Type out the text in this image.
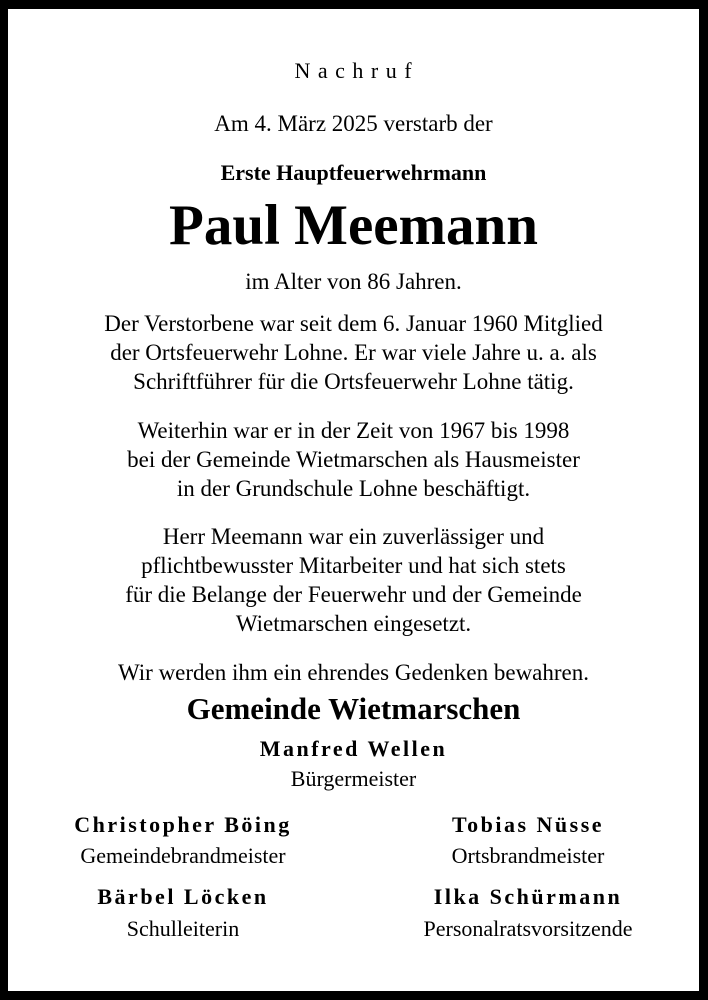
N a c h r u f
Am 4. März 2025 verstarb der
Erste Hauptfeuerwehrmann
Paul Meemann
im Alter von 86 Jahren.
Der Verstorbene war seit dem 6. Januar 1960 Mitglied
der Ortsfeuerwehr Lohne. Er war viele Jahre u. a. als
Schriftführer für die Ortsfeuerwehr Lohne tätig.
Weiterhin war er in der Zeit von 1967 bis 1998
bei der Gemeinde Wietmarschen als Hausmeister
in der Grundschule Lohne beschäftigt.
Herr Meemann war ein zuverlässiger und
pflichtbewusster Mitarbeiter und hat sich stets
für die Belange der Feuerwehr und der Gemeinde
Wietmarschen eingesetzt.
Wir werden ihm ein ehrendes Gedenken bewahren.
Gemeinde Wietmarschen
Manfred Wellen
Bürgermeister
Christopher Böing
Gemeindebrandmeister
Tobias Nüsse
Ortsbrandmeister
Bärbel Löcken
Schulleiterin
Ilka Schürmann
Personalratsvorsitzende
